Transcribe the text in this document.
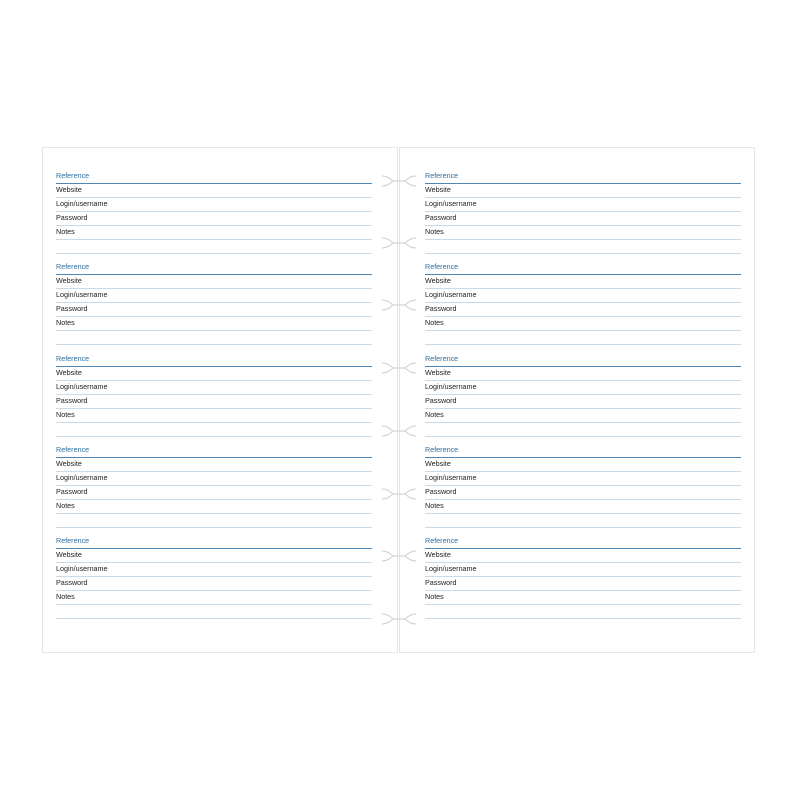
Reference
Website
Login/username
Password
Notes
Reference
Website
Login/username
Password
Notes
Reference
Website
Login/username
Password
Notes
Reference
Website
Login/username
Password
Notes
Reference
Website
Login/username
Password
Notes
Reference
Website
Login/username
Password
Notes
Reference
Website
Login/username
Password
Notes
Reference
Website
Login/username
Password
Notes
Reference
Website
Login/username
Password
Notes
Reference
Website
Login/username
Password
Notes
